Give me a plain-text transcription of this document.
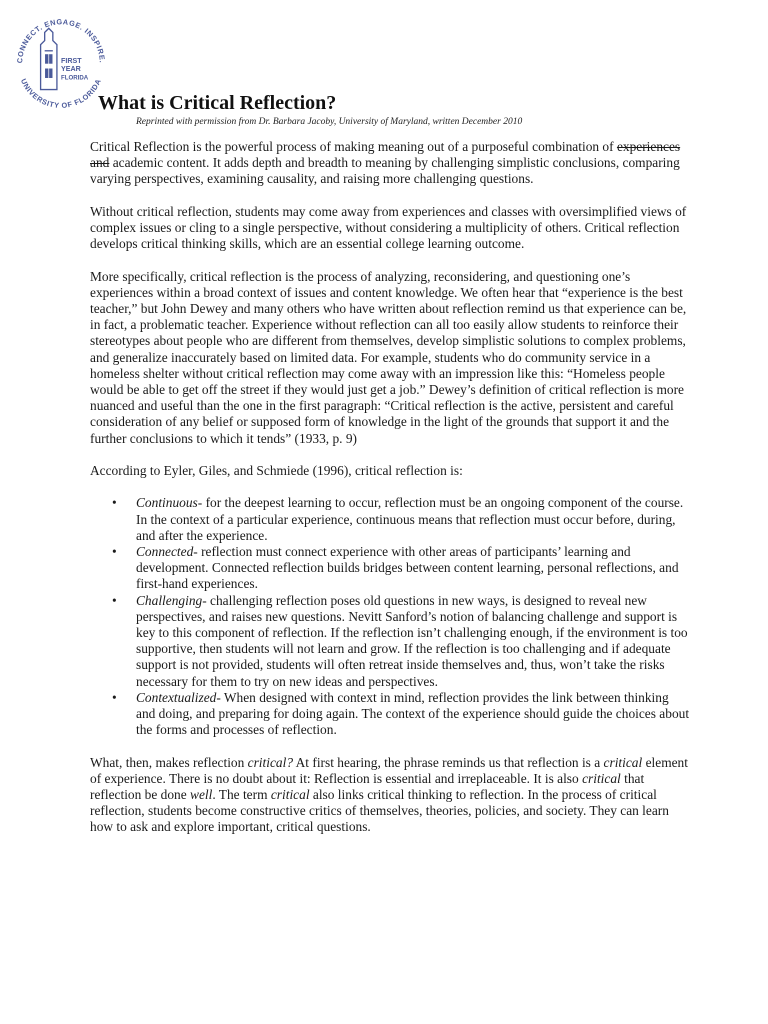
CONNECT. ENGAGE. INSPIRE.
UNIVERSITY OF FLORIDA
FIRST
YEAR
FLORIDA
What is Critical Reflection?
Reprinted with permission from Dr. Barbara Jacoby, University of Maryland, written December 2010

Critical Reflection is the powerful process of making meaning out of a purposeful combination of experiences and academic content. It adds depth and breadth to meaning by challenging simplistic conclusions, comparing varying perspectives, examining causality, and raising more challenging questions.

Without critical reflection, students may come away from experiences and classes with oversimplified views of complex issues or cling to a single perspective, without considering a multiplicity of others. Critical reflection develops critical thinking skills, which are an essential college learning outcome.

More specifically, critical reflection is the process of analyzing, reconsidering, and questioning one’s experiences within a broad context of issues and content knowledge. We often hear that “experience is the best teacher,” but John Dewey and many others who have written about reflection remind us that experience can be, in fact, a problematic teacher. Experience without reflection can all too easily allow students to reinforce their stereotypes about people who are different from themselves, develop simplistic solutions to complex problems, and generalize inaccurately based on limited data. For example, students who do community service in a homeless shelter without critical reflection may come away with an impression like this: “Homeless people would be able to get off the street if they would just get a job.” Dewey’s definition of critical reflection is more nuanced and useful than the one in the first paragraph: “Critical reflection is the active, persistent and careful consideration of any belief or supposed form of knowledge in the light of the grounds that support it and the further conclusions to which it tends” (1933, p. 9)

According to Eyler, Giles, and Schmiede (1996), critical reflection is:

• Continuous- for the deepest learning to occur, reflection must be an ongoing component of the course. In the context of a particular experience, continuous means that reflection must occur before, during, and after the experience.
• Connected- reflection must connect experience with other areas of participants’ learning and development. Connected reflection builds bridges between content learning, personal reflections, and first-hand experiences.
• Challenging- challenging reflection poses old questions in new ways, is designed to reveal new perspectives, and raises new questions. Nevitt Sanford’s notion of balancing challenge and support is key to this component of reflection. If the reflection isn’t challenging enough, if the environment is too supportive, then students will not learn and grow. If the reflection is too challenging and if adequate support is not provided, students will often retreat inside themselves and, thus, won’t take the risks necessary for them to try on new ideas and perspectives.
• Contextualized- When designed with context in mind, reflection provides the link between thinking and doing, and preparing for doing again. The context of the experience should guide the choices about the forms and processes of reflection.

What, then, makes reflection critical? At first hearing, the phrase reminds us that reflection is a critical element of experience. There is no doubt about it: Reflection is essential and irreplaceable. It is also critical that reflection be done well. The term critical also links critical thinking to reflection. In the process of critical reflection, students become constructive critics of themselves, theories, policies, and society. They can learn how to ask and explore important, critical questions.
